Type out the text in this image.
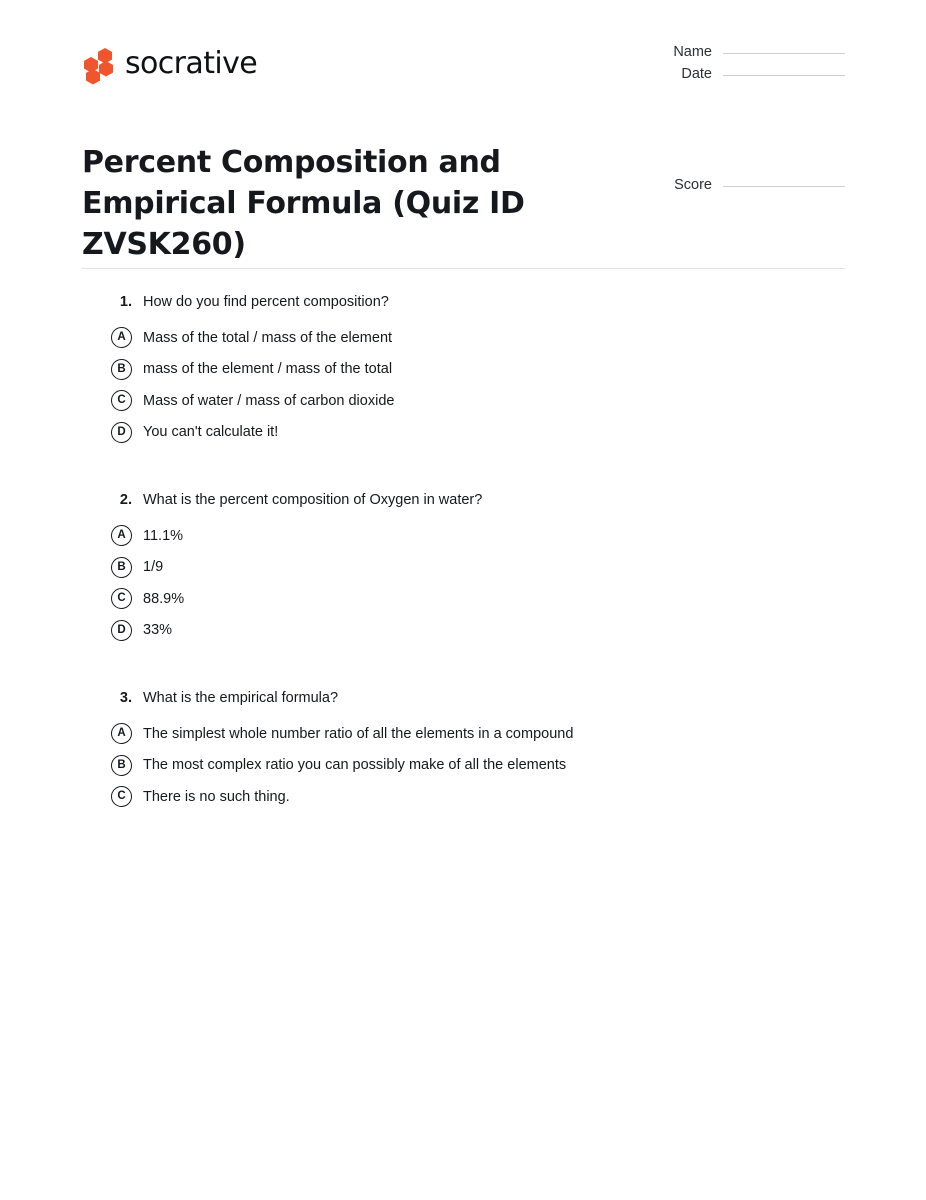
socrative	Name
Date
Score
Percent Composition and Empirical Formula (Quiz ID ZVSK260)
1. How do you find percent composition?
A	Mass of the total / mass of the element
B	mass of the element / mass of the total
C	Mass of water / mass of carbon dioxide
D	You can't calculate it!
2. What is the percent composition of Oxygen in water?
A	11.1%
B	1/9
C	88.9%
D	33%
3. What is the empirical formula?
A	The simplest whole number ratio of all the elements in a compound
B	The most complex ratio you can possibly make of all the elements
C	There is no such thing.
